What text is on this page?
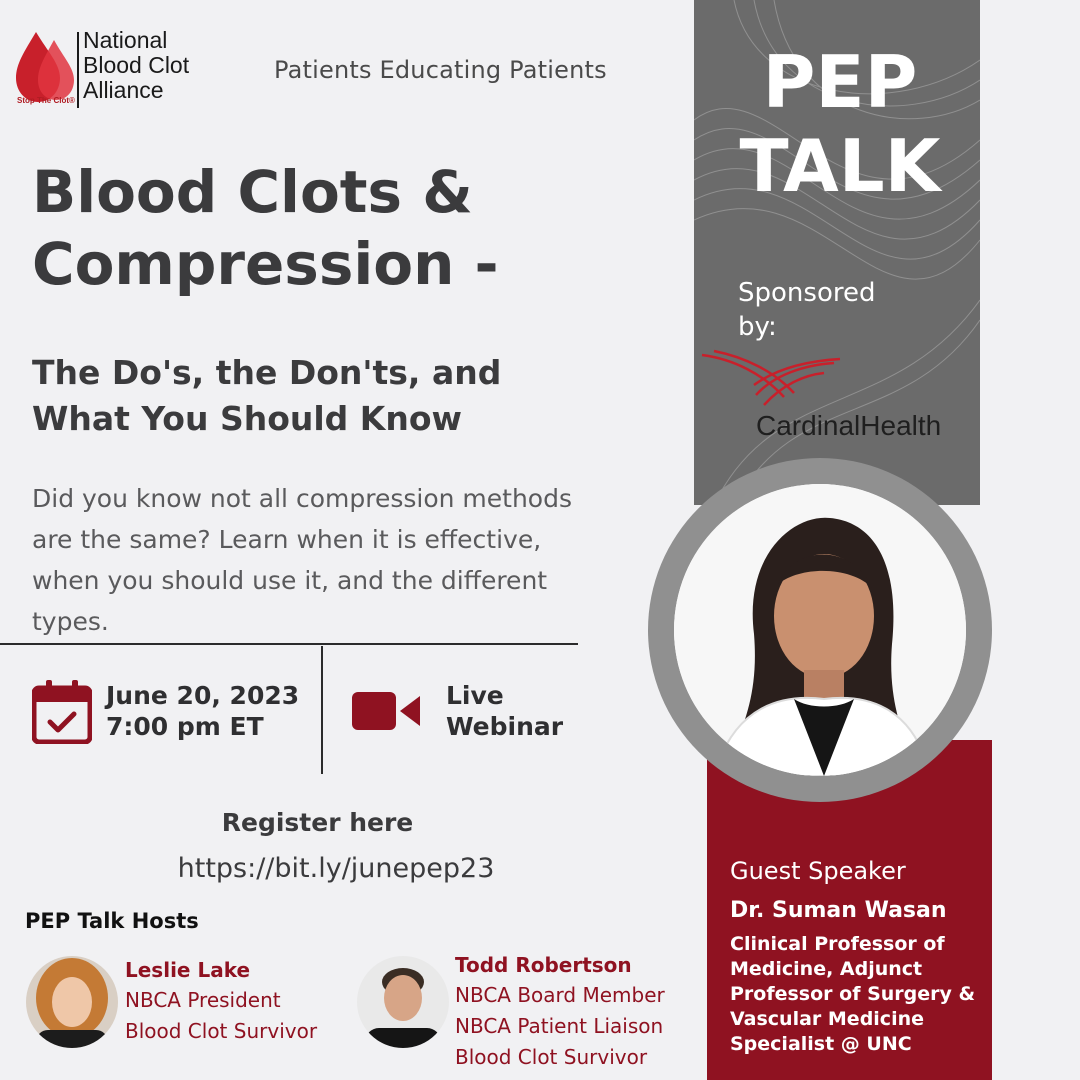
National
Blood Clot
Alliance
Stop The Clot®
Patients Educating Patients
Blood Clots &
Compression -
The Do's, the Don'ts, and
What You Should Know
Did you know not all compression methods are the same? Learn when it is effective, when you should use it, and the different types.
June 20, 2023
7:00 pm ET
Live
Webinar
Register here
https://bit.ly/junepep23
PEP Talk Hosts
Leslie Lake
NBCA President
Blood Clot Survivor
Todd Robertson
NBCA Board Member
NBCA Patient Liaison
Blood Clot Survivor
PEP
TALK
Sponsored
by:
CardinalHealth
Guest Speaker
Dr. Suman Wasan
Clinical Professor of Medicine, Adjunct Professor of Surgery & Vascular Medicine Specialist @ UNC
